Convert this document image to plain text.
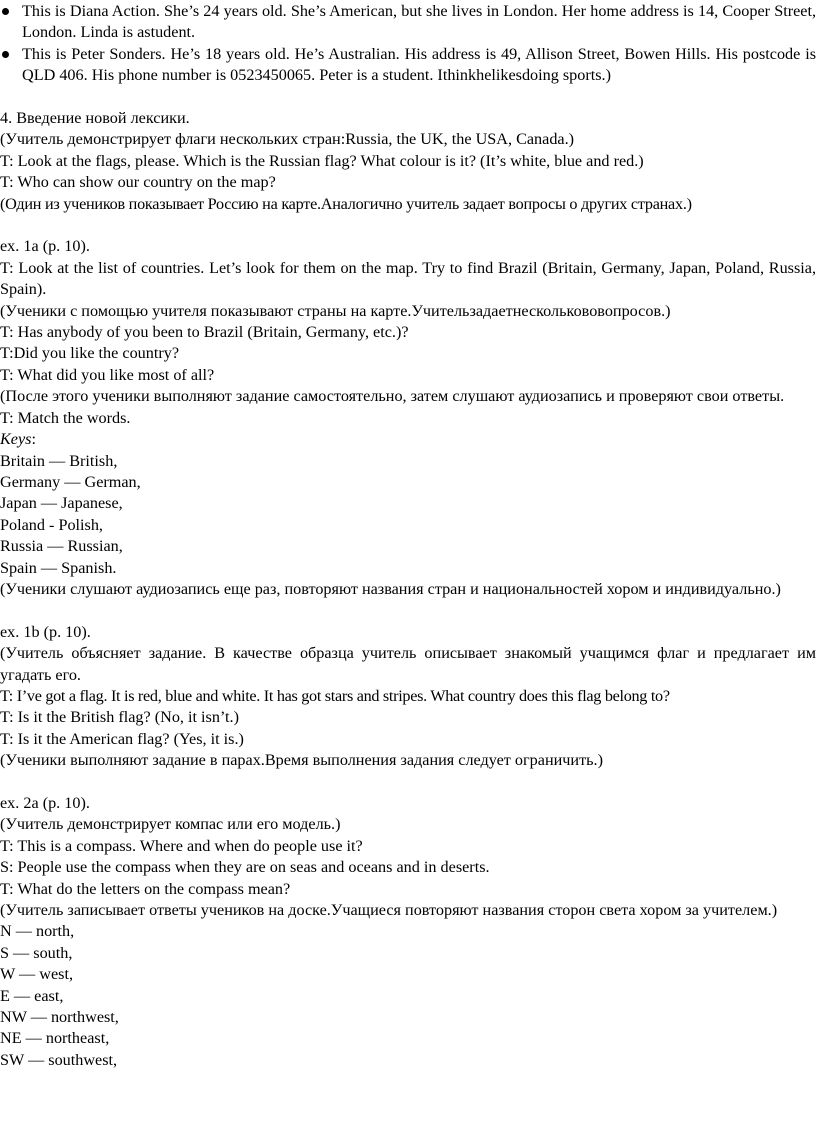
This is Diana Action. She’s 24 years old. She’s American, but she lives in London. Her home address is 14, Cooper Street, London. Linda is astudent.
This is Peter Sonders. He’s 18 years old. He’s Australian. His address is 49, Allison Street, Bowen Hills. His postcode is QLD 406. His phone number is 0523450065. Peter is a student. Ithinkhelikesdoing sports.)

4. Введение новой лексики.

(Учитель демонстрирует флаги нескольких стран:Russia, the UK, the USA, Canada.)

T: Look at the flags, please. Which is the Russian flag? What colour is it? (It’s white, blue and red.)

T: Who can show our country on the map?

(Один из учеников показывает Россию на карте.Аналогично учитель задает вопросы о других странах.)

ex. 1a (p. 10).

T: Look at the list of countries. Let’s look for them on the map. Try to find Brazil (Britain, Germany, Japan, Poland, Russia, Spain).

(Ученики с помощью учителя показывают страны на карте.Учительзадаетнесколькововопросов.)

T: Has anybody of you been to Brazil (Britain, Germany, etc.)?

T:Did you like the country?

T: What did you like most of all?

(После этого ученики выполняют задание самостоятельно, затем слушают аудиозапись и проверяют свои ответы.

T: Match the words.

Keys:

Britain — British,

Germany — German,

Japan — Japanese,

Poland - Polish,

Russia — Russian,

Spain — Spanish.

(Ученики слушают аудиозапись еще раз, повторяют названия стран и национальностей хором и индивидуально.)

ex. 1b (p. 10).

(Учитель объясняет задание. В качестве образца учитель описывает знакомый учащимся флаг и предлагает им угадать его.

T: I’ve got a flag. It is red, blue and white. It has got stars and stripes. What country does this flag belong to?

T: Is it the British flag? (No, it isn’t.)

T: Is it the American flag? (Yes, it is.)

(Ученики выполняют задание в парах.Время выполнения задания следует ограничить.)

ex. 2a (p. 10).

(Учитель демонстрирует компас или его модель.)

T: This is a compass. Where and when do people use it?

S: People use the compass when they are on seas and oceans and in deserts.

T: What do the letters on the compass mean?

(Учитель записывает ответы учеников на доске.Учащиеся повторяют названия сторон света хором за учителем.)

N — north,

S — south,

W — west,

E — east,

NW — northwest,

NE — northeast,

SW — southwest,
